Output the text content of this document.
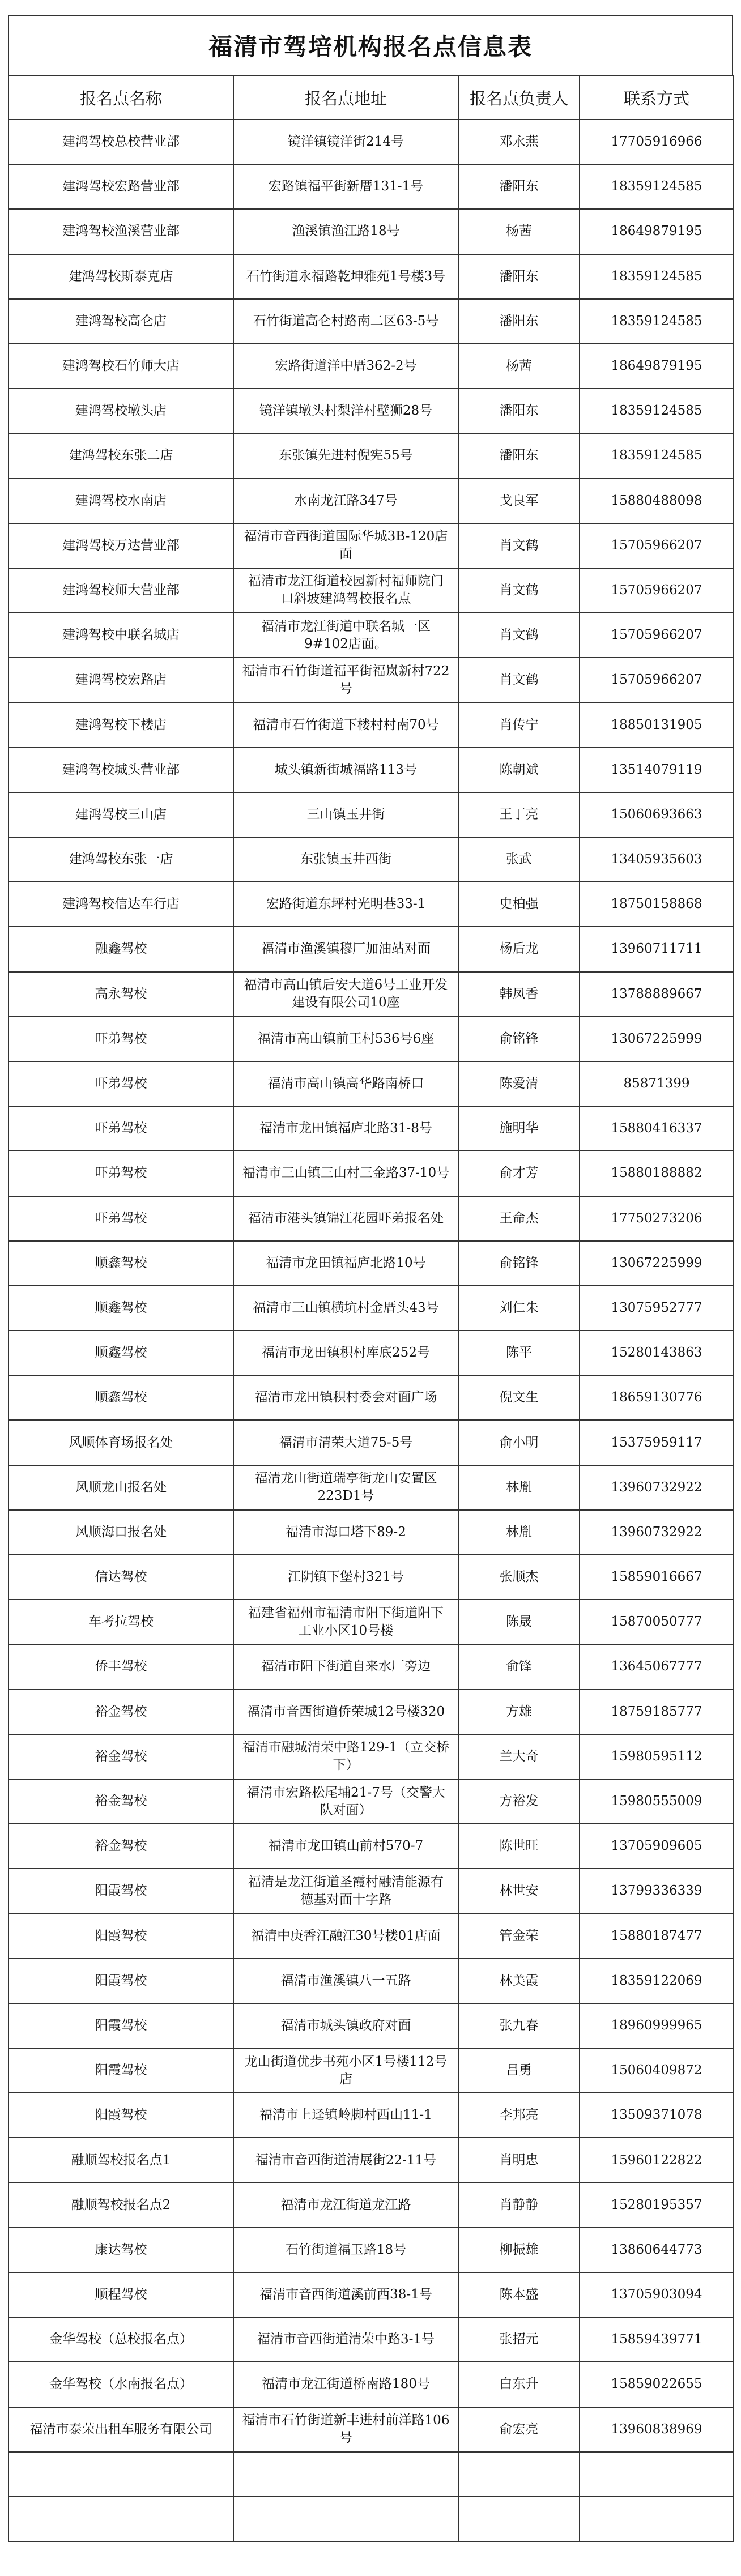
福清市驾培机构报名点信息表
报名点名称	报名点地址	报名点负责人	联系方式
建鸿驾校总校营业部	镜洋镇镜洋街214号	邓永燕	17705916966
建鸿驾校宏路营业部	宏路镇福平街新厝131-1号	潘阳东	18359124585
建鸿驾校渔溪营业部	渔溪镇渔江路18号	杨茜	18649879195
建鸿驾校斯泰克店	石竹街道永福路乾坤雅苑1号楼3号	潘阳东	18359124585
建鸿驾校高仑店	石竹街道高仑村路南二区63-5号	潘阳东	18359124585
建鸿驾校石竹师大店	宏路街道洋中厝362-2号	杨茜	18649879195
建鸿驾校墩头店	镜洋镇墩头村梨洋村壁狮28号	潘阳东	18359124585
建鸿驾校东张二店	东张镇先进村倪宪55号	潘阳东	18359124585
建鸿驾校水南店	水南龙江路347号	戈良军	15880488098
建鸿驾校万达营业部	福清市音西街道国际华城3B-120店面	肖文鹤	15705966207
建鸿驾校师大营业部	福清市龙江街道校园新村福师院门口斜坡建鸿驾校报名点	肖文鹤	15705966207
建鸿驾校中联名城店	福清市龙江街道中联名城一区9#102店面。	肖文鹤	15705966207
建鸿驾校宏路店	福清市石竹街道福平街福岚新村722号	肖文鹤	15705966207
建鸿驾校下楼店	福清市石竹街道下楼村村南70号	肖传宁	18850131905
建鸿驾校城头营业部	城头镇新街城福路113号	陈朝斌	13514079119
建鸿驾校三山店	三山镇玉井街	王丁亮	15060693663
建鸿驾校东张一店	东张镇玉井西街	张武	13405935603
建鸿驾校信达车行店	宏路街道东坪村光明巷33-1	史柏强	18750158868
融鑫驾校	福清市渔溪镇穆厂加油站对面	杨后龙	13960711711
高永驾校	福清市高山镇后安大道6号工业开发建设有限公司10座	韩凤香	13788889667
吓弟驾校	福清市高山镇前王村536号6座	俞铭锋	13067225999
吓弟驾校	福清市高山镇高华路南桥口	陈爱清	85871399
吓弟驾校	福清市龙田镇福庐北路31-8号	施明华	15880416337
吓弟驾校	福清市三山镇三山村三金路37-10号	俞才芳	15880188882
吓弟驾校	福清市港头镇锦江花园吓弟报名处	王命杰	17750273206
顺鑫驾校	福清市龙田镇福庐北路10号	俞铭锋	13067225999
顺鑫驾校	福清市三山镇横坑村金厝头43号	刘仁朱	13075952777
顺鑫驾校	福清市龙田镇积村库底252号	陈平	15280143863
顺鑫驾校	福清市龙田镇积村委会对面广场	倪文生	18659130776
风顺体育场报名处	福清市清荣大道75-5号	俞小明	15375959117
风顺龙山报名处	福清龙山街道瑞亭街龙山安置区223D1号	林胤	13960732922
风顺海口报名处	福清市海口塔下89-2	林胤	13960732922
信达驾校	江阴镇下堡村321号	张顺杰	15859016667
车考拉驾校	福建省福州市福清市阳下街道阳下工业小区10号楼	陈晟	15870050777
侨丰驾校	福清市阳下街道自来水厂旁边	俞锋	13645067777
裕金驾校	福清市音西街道侨荣城12号楼320	方雄	18759185777
裕金驾校	福清市融城清荣中路129-1（立交桥下）	兰大奇	15980595112
裕金驾校	福清市宏路松尾埔21-7号（交警大队对面）	方裕发	15980555009
裕金驾校	福清市龙田镇山前村570-7	陈世旺	13705909605
阳霞驾校	福清是龙江街道圣霞村融清能源有德基对面十字路	林世安	13799336339
阳霞驾校	福清中庚香江融江30号楼01店面	管金荣	15880187477
阳霞驾校	福清市渔溪镇八一五路	林美霞	18359122069
阳霞驾校	福清市城头镇政府对面	张九春	18960999965
阳霞驾校	龙山街道优步书苑小区1号楼112号店	吕勇	15060409872
阳霞驾校	福清市上迳镇岭脚村西山11-1	李邦亮	13509371078
融顺驾校报名点1	福清市音西街道清展街22-11号	肖明忠	15960122822
融顺驾校报名点2	福清市龙江街道龙江路	肖静静	15280195357
康达驾校	石竹街道福玉路18号	柳振雄	13860644773
顺程驾校	福清市音西街道溪前西38-1号	陈本盛	13705903094
金华驾校（总校报名点）	福清市音西街道清荣中路3-1号	张招元	15859439771
金华驾校（水南报名点）	福清市龙江街道桥南路180号	白东升	15859022655
福清市泰荣出租车服务有限公司	福清市石竹街道新丰进村前洋路106号	俞宏亮	13960838969
